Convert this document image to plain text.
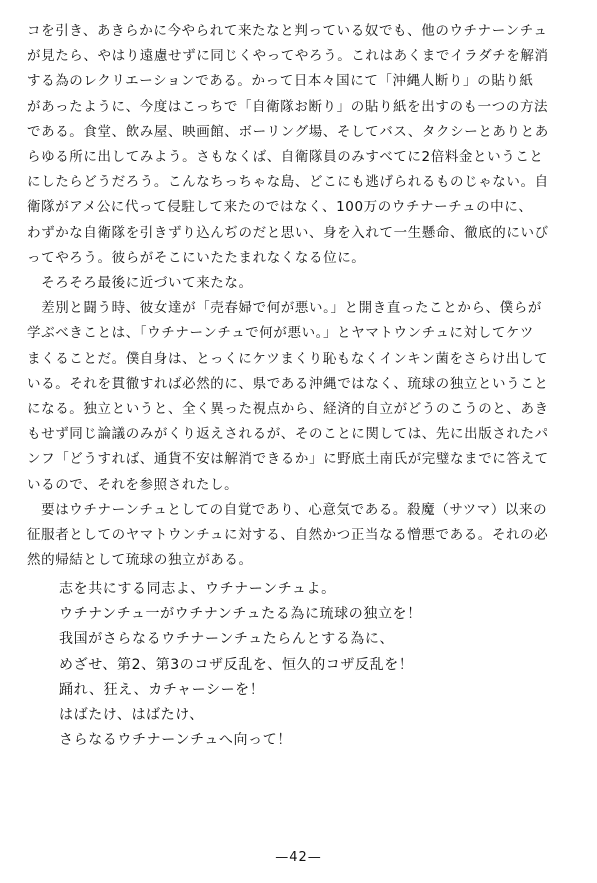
コを引き、あきらかに今やられて来たなと判っている奴でも、他のウチナーンチュ
が見たら、やはり遠慮せずに同じくやってやろう。これはあくまでイラダチを解消
する為のレクリエーションである。かって日本々国にて「沖縄人断り」の貼り紙
があったように、今度はこっちで「自衛隊お断り」の貼り紙を出すのも一つの方法
である。食堂、飲み屋、映画館、ボーリング場、そしてバス、タクシーとありとあ
らゆる所に出してみよう。さもなくば、自衛隊員のみすべてに2倍料金ということ
にしたらどうだろう。こんなちっちゃな島、どこにも逃げられるものじゃない。自
衛隊がアメ公に代って侵駐して来たのではなく、100万のウチナーチュの中に、
わずかな自衛隊を引きずり込んぢのだと思い、身を入れて一生懸命、徹底的にいび
ってやろう。彼らがそこにいたたまれなくなる位に。

　そろそろ最後に近づいて来たな。

　差別と闘う時、彼女達が「売春婦で何が悪い。」と開き直ったことから、僕らが
学ぶべきことは、「ウチナーンチュで何が悪い。」とヤマトウンチュに対してケツ
まくることだ。僕自身は、とっくにケツまくり恥もなくインキン菌をさらけ出して
いる。それを貫徹すれば必然的に、県である沖縄ではなく、琉球の独立ということ
になる。独立というと、全く異った視点から、経済的自立がどうのこうのと、あき
もせず同じ論議のみがくり返えされるが、そのことに関しては、先に出版されたパ
ンフ「どうすれば、通貨不安は解消できるか」に野底土南氏が完璧なまでに答えて
いるので、それを参照されたし。

　要はウチナーンチュとしての自覚であり、心意気である。殺魔（サツマ）以来の
征服者としてのヤマトウンチュに対する、自然かつ正当なる憎悪である。それの必
然的帰結として琉球の独立がある。

志を共にする同志よ、ウチナーンチュよ。
ウチナンチュ一がウチナンチュたる為に琉球の独立を！
我国がさらなるウチナーンチュたらんとする為に、
めざせ、第2、第3のコザ反乱を、恒久的コザ反乱を！
踊れ、狂え、カチャーシーを！
はばたけ、はばたけ、
さらなるウチナーンチュへ向って！
—42—
